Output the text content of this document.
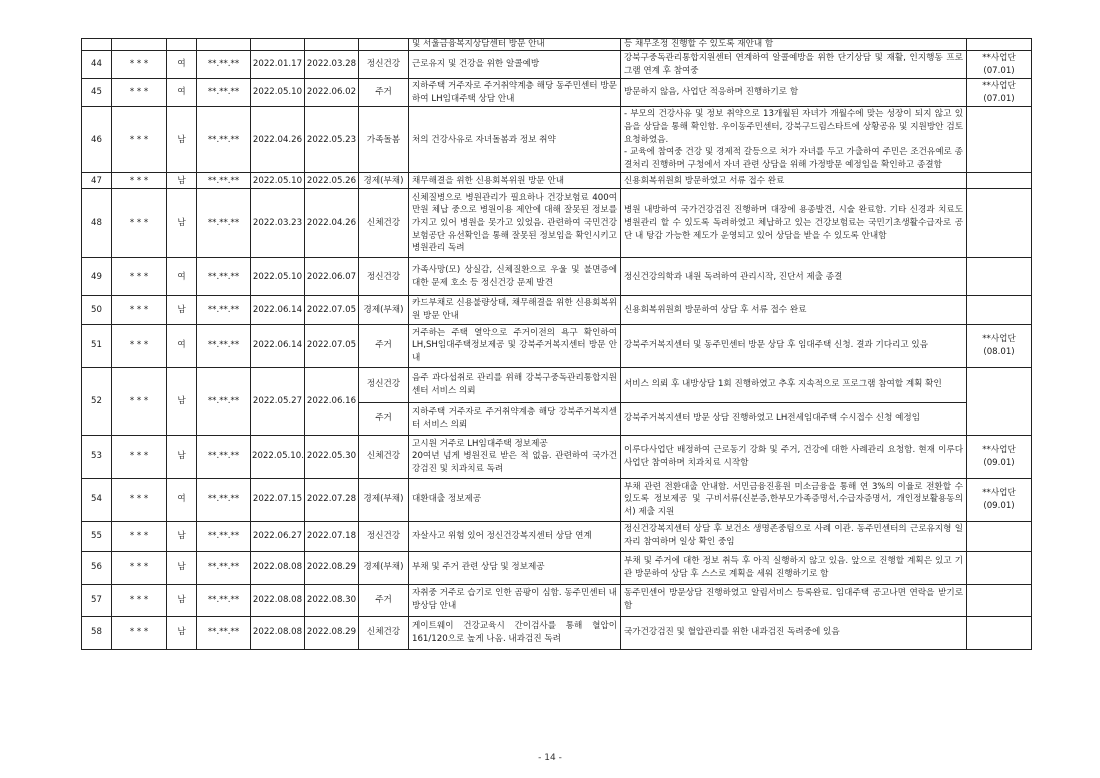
							및 서울금융복지상담센터 방문 안내	등 채무조정 진행할 수 있도록 재안내 함	
44	* * *	여	**.**.**	2022.01.17	2022.03.28	정신건강	근로유지 및 건강을 위한 알콜예방	강북구중독관리통합지원센터 연계하여 알콜예방을 위한 단기상담 및 재활, 인지행동 프로그램 연계 후 참여중	**사업단(07.01)
45	* * *	여	**.**.**	2022.05.10	2022.06.02	주거	지하주택 거주자로 주거취약계층 해당 동주민센터 방문하여 LH임대주택 상담 안내	방문하지 않음, 사업단 적응하며 진행하기로 함	**사업단(07.01)
46	* * *	남	**.**.**	2022.04.26	2022.05.23	가족돌봄	처의 건강사유로 자녀돌봄과 정보 취약	- 부모의 건강사유 및 정보 취약으로 13개월된 자녀가 개월수에 맞는 성장이 되지 않고 있음을 상담을 통해 확인함. 우이동주민센터, 강북구드림스타트에 상황공유 및 지원방안 검토 요청하였음.
- 교육에 참여중 건강 및 경제적 갈등으로 처가 자녀를 두고 가출하여 주민은 조건유예로 종결처리 진행하며 구청에서 자녀 관련 상담을 위해 가정방문 예정임을 확인하고 종결함	
47	* * *	남	**.**.**	2022.05.10	2022.05.26	경제(부채)	채무해결을 위한 신용회복위원 방문 안내	신용회복위원회 방문하였고 서류 접수 완료	
48	* * *	남	**.**.**	2022.03.23	2022.04.26	신체건강	신체질병으로 병원관리가 필요하나 건강보험료 400여만원 체납 중으로 병원이용 제안에 대해 잘못된 정보를 가지고 있어 병원을 못가고 있었음. 관련하여 국민건강보험공단 유선확인을 통해 잘못된 정보임을 확인시키고 병원관리 독려	병원 내방하여 국가건강검진 진행하며 대장에 용종발견, 시술 완료함. 기타 신경과 치료도 병원관리 할 수 있도록 독려하였고 체납하고 있는 건강보험료는 국민기초생활수급자로 공단 내 탕감 가능한 제도가 운영되고 있어 상담을 받을 수 있도록 안내함	
49	* * *	여	**.**.**	2022.05.10	2022.06.07	정신건강	가족사망(모) 상실감, 신체질환으로 우울 및 불면증에 대한 문제 호소 등 정신건강 문제 발견	정신건강의학과 내원 독려하여 관리시작, 진단서 제출 종결	
50	* * *	남	**.**.**	2022.06.14	2022.07.05	경제(부채)	카드부채로 신용불량상태, 채무해결을 위한 신용회복위원 방문 안내	신용회복위원회 방문하여 상담 후 서류 접수 완료	
51	* * *	여	**.**.**	2022.06.14	2022.07.05	주거	거주하는 주택 열악으로 주거이전의 욕구 확인하여 LH,SH임대주택정보제공 및 강북주거복지센터 방문 안내	강북주거복지센터 및 동주민센터 방문 상담 후 임대주택 신청. 결과 기다리고 있음	**사업단(08.01)
52	* * *	남	**.**.**	2022.05.27	2022.06.16	정신건강	음주 과다섭취로 관리를 위해 강북구중독관리통합지원센터 서비스 의뢰	서비스 의뢰 후 내방상담 1회 진행하였고 추후 지속적으로 프로그램 참여할 계획 확인	
						주거	지하주택 거주자로 주거취약계층 해당 강북주거복지센터 서비스 의뢰	강북주거복지센터 방문 상담 진행하였고 LH전세임대주택 수시접수 신청 예정임	
53	* * *	남	**.**.**	2022.05.10.	2022.05.30	신체건강	고시원 거주로 LH임대주택 정보제공
20여년 넘게 병원진료 받은 적 없음. 관련하여 국가건강검진 및 치과치료 독려	이루다사업단 배정하여 근로동기 강화 및 주거, 건강에 대한 사례관리 요청함. 현재 이루다사업단 참여하며 치과치료 시작함	**사업단(09.01)
54	* * *	여	**.**.**	2022.07.15	2022.07.28	경제(부채)	대환대출 정보제공	부채 관련 전환대출 안내함. 서민금융진흥원 미소금융을 통해 연 3%의 이율로 전환할 수 있도록 정보제공 및 구비서류(신분증,한부모가족증명서,수급자증명서, 개인정보활용동의서) 제출 지원	**사업단(09.01)
55	* * *	남	**.**.**	2022.06.27	2022.07.18	정신건강	자살사고 위험 있어 정신건강복지센터 상담 연계	정신건강복지센터 상담 후 보건소 생명존중팀으로 사례 이관. 동주민센터의 근로유지형 일자리 참여하며 일상 확인 중임	
56	* * *	남	**.**.**	2022.08.08	2022.08.29	경제(부채)	부채 및 주거 관련 상담 및 정보제공	부채 및 주거에 대한 정보 취득 후 아직 실행하지 않고 있음. 앞으로 진행할 계획은 있고 기관 방문하여 상담 후 스스로 계획을 세워 진행하기로 함	
57	* * *	남	**.**.**	2022.08.08	2022.08.30	주거	자취중 거주로 습기로 인한 곰팡이 심함. 동주민센터 내방상담 안내	동주민센어 방문상담 진행하였고 알림서비스 등록완료. 임대주택 공고나면 연락을 받기로 함	
58	* * *	남	**.**.**	2022.08.08	2022.08.29	신체건강	게이트웨이 건강교육시 간이검사를 통해 혈압이 161/120으로 높게 나옴. 내과검진 독려	국가건강검진 및 혈압관리를 위한 내과검진 독려중에 있음	
- 14 -
